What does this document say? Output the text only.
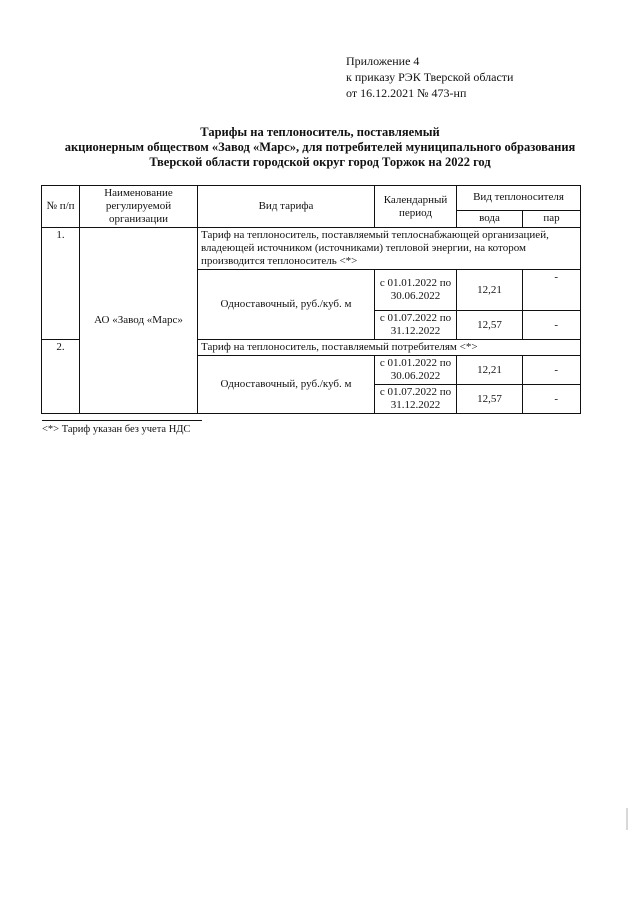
Приложение 4
к приказу РЭК Тверской области
от 16.12.2021 № 473-нп
Тарифы на теплоноситель, поставляемый
акционерным обществом «Завод «Марс», для потребителей муниципального образования
Тверской области городской округ город Торжок на 2022 год
№ п/п	Наименование регулируемой организации	Вид тарифа	Календарный период	Вид теплоносителя	
				вода	пар
1.	АО «Завод «Марс»	Тариф на теплоноситель, поставляемый теплоснабжающей организацией, владеющей источником (источниками) тепловой энергии, на котором производится теплоноситель <*>			
		Одноставочный, руб./куб. м	с 01.01.2022 по 30.06.2022	12,21	-
			с 01.07.2022 по 31.12.2022	12,57	-
2.		Тариф на теплоноситель, поставляемый потребителям <*>			
		Одноставочный, руб./куб. м	с 01.01.2022 по 30.06.2022	12,21	-
			с 01.07.2022 по 31.12.2022	12,57	-
<*> Тариф указан без учета НДС
